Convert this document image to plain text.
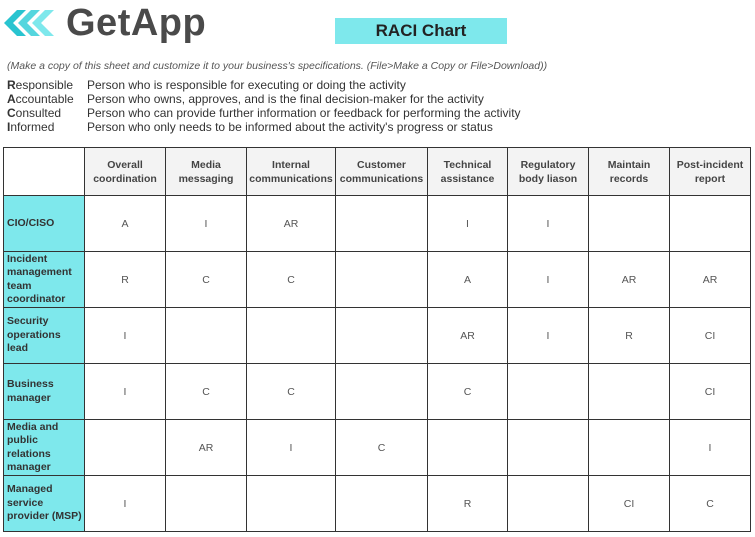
GetApp	RACI Chart
(Make a copy of this sheet and customize it to your business's specifications. (File>Make a Copy or File>Download))
Responsible	Person who is responsible for executing or doing the activity
Accountable	Person who owns, approves, and is the final decision-maker for the activity
Consulted	Person who can provide further information or feedback for performing the activity
Informed	Person who only needs to be informed about the activity's progress or status
	Overall coordination	Media messaging	Internal communications	Customer communications	Technical assistance	Regulatory body liason	Maintain records	Post-incident report
CIO/CISO	A	I	AR		I	I		
Incident management team coordinator	R	C	C		A	I	AR	AR
Security operations lead	I				AR	I	R	CI
Business manager	I	C	C		C			CI
Media and public relations manager		AR	I	C				I
Managed service provider (MSP)	I				R		CI	C
